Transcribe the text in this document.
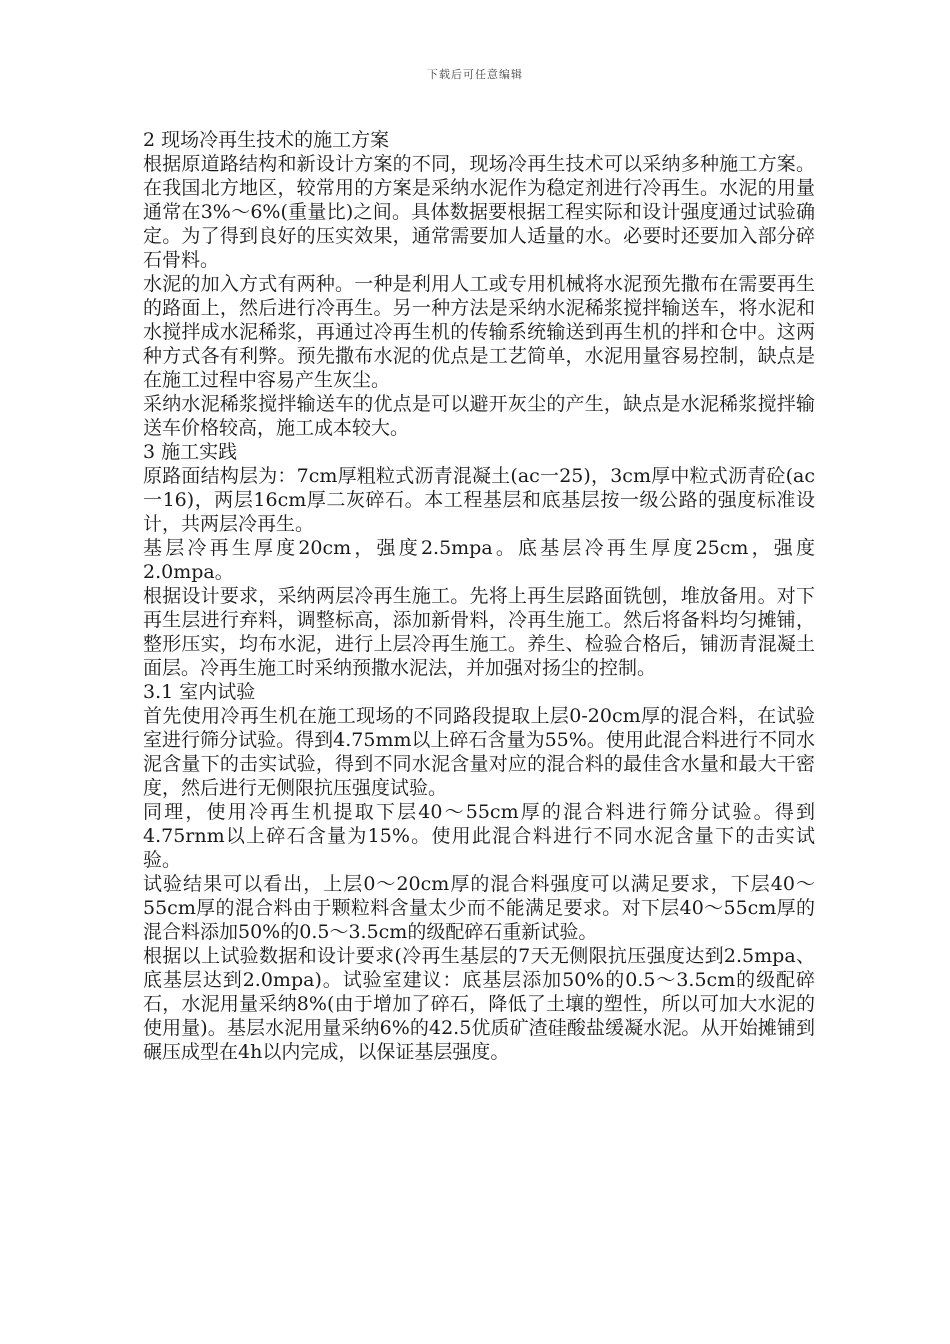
下载后可任意编辑

2 现场冷再生技术的施工方案

根据原道路结构和新设计方案的不同，现场冷再生技术可以采纳多种施工方案。在我国北方地区，较常用的方案是采纳水泥作为稳定剂进行冷再生。水泥的用量通常在3%～6%(重量比)之间。具体数据要根据工程实际和设计强度通过试验确定。为了得到良好的压实效果，通常需要加人适量的水。必要时还要加入部分碎石骨料。

水泥的加入方式有两种。一种是利用人工或专用机械将水泥预先撒布在需要再生的路面上，然后进行冷再生。另一种方法是采纳水泥稀浆搅拌输送车，将水泥和水搅拌成水泥稀浆，再通过冷再生机的传输系统输送到再生机的拌和仓中。这两种方式各有利弊。预先撒布水泥的优点是工艺简单，水泥用量容易控制，缺点是在施工过程中容易产生灰尘。

采纳水泥稀浆搅拌输送车的优点是可以避开灰尘的产生，缺点是水泥稀浆搅拌输送车价格较高，施工成本较大。

3 施工实践

原路面结构层为：7cm厚粗粒式沥青混凝土(ac一25)，3cm厚中粒式沥青砼(ac一16)，两层16cm厚二灰碎石。本工程基层和底基层按一级公路的强度标准设计，共两层冷再生。

基层冷再生厚度20cm，强度2.5mpa。底基层冷再生厚度25cm，强度2.0mpa。

根据设计要求，采纳两层冷再生施工。先将上再生层路面铣刨，堆放备用。对下再生层进行弃料，调整标高，添加新骨料，冷再生施工。然后将备料均匀摊铺，整形压实，均布水泥，进行上层冷再生施工。养生、检验合格后，铺沥青混凝土面层。冷再生施工时采纳预撒水泥法，并加强对扬尘的控制。

3.1 室内试验

首先使用冷再生机在施工现场的不同路段提取上层0-20cm厚的混合料，在试验室进行筛分试验。得到4.75mm以上碎石含量为55%。使用此混合料进行不同水泥含量下的击实试验，得到不同水泥含量对应的混合料的最佳含水量和最大干密度，然后进行无侧限抗压强度试验。

同理，使用冷再生机提取下层40～55cm厚的混合料进行筛分试验。得到4.75rnm以上碎石含量为15%。使用此混合料进行不同水泥含量下的击实试验。

试验结果可以看出，上层0～20cm厚的混合料强度可以满足要求，下层40～55cm厚的混合料由于颗粒料含量太少而不能满足要求。对下层40～55cm厚的混合料添加50%的0.5～3.5cm的级配碎石重新试验。

根据以上试验数据和设计要求(冷再生基层的7天无侧限抗压强度达到2.5mpa、底基层达到2.0mpa)。试验室建议：底基层添加50%的0.5～3.5cm的级配碎石，水泥用量采纳8%(由于增加了碎石，降低了土壤的塑性，所以可加大水泥的使用量)。基层水泥用量采纳6%的42.5优质矿渣硅酸盐缓凝水泥。从开始摊铺到碾压成型在4h以内完成，以保证基层强度。
